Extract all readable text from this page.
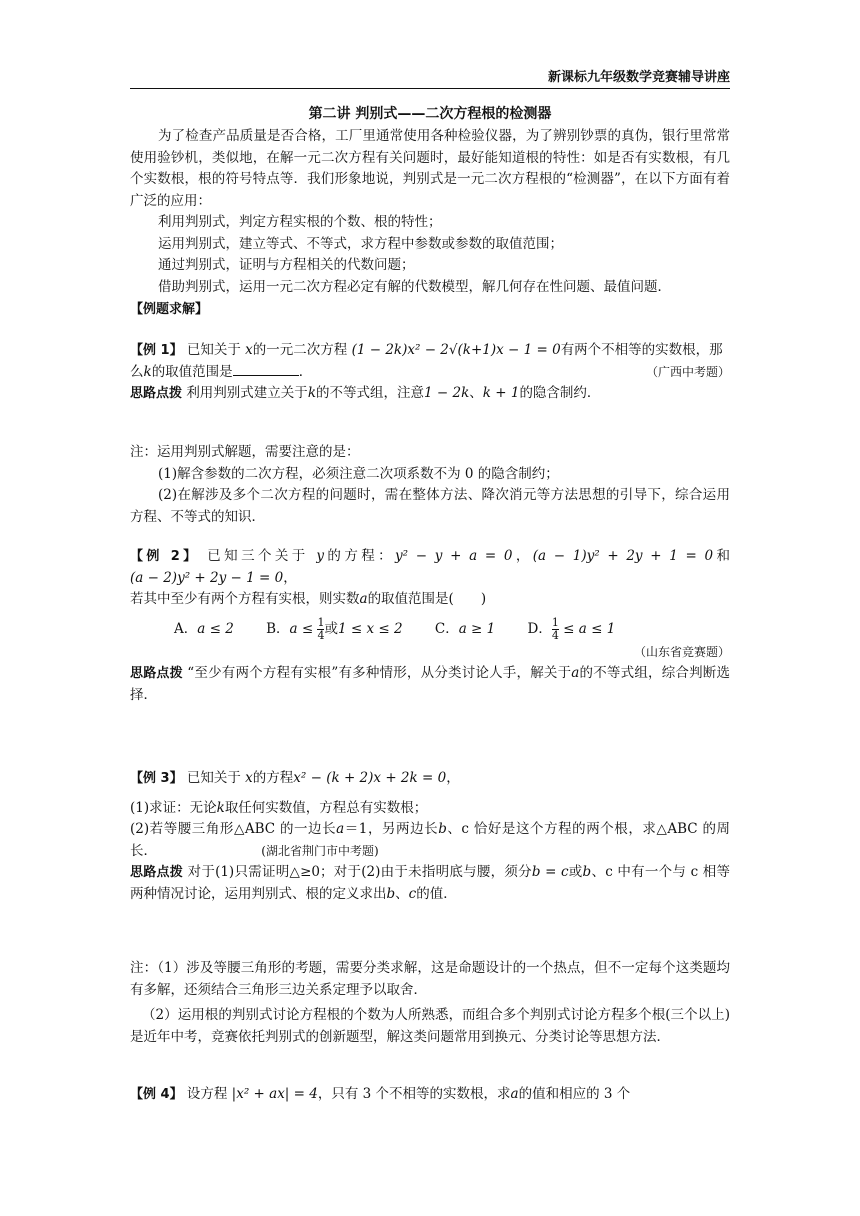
新课标九年级数学竞赛辅导讲座
第二讲 判别式——二次方程根的检测器
为了检查产品质量是否合格，工厂里通常使用各种检验仪器，为了辨别钞票的真伪，银行里常常使用验钞机，类似地，在解一元二次方程有关问题时，最好能知道根的特性：如是否有实数根，有几个实数根，根的符号特点等．我们形象地说，判别式是一元二次方程根的“检测器”，在以下方面有着广泛的应用：
利用判别式，判定方程实根的个数、根的特性；
运用判别式，建立等式、不等式，求方程中参数或参数的取值范围；
通过判别式，证明与方程相关的代数问题；
借助判别式，运用一元二次方程必定有解的代数模型，解几何存在性问题、最值问题．
【例题求解】
【例 1】 已知关于 x的一元二次方程 (1 − 2k)x² − 2√(k+1)x − 1 = 0有两个不相等的实数根，那
么k的取值范围是	．	（广西中考题）
思路点拨 利用判别式建立关于k的不等式组，注意1 − 2k、k + 1的隐含制约．
注：运用判别式解题，需要注意的是：
(1)解含参数的二次方程，必须注意二次项系数不为 0 的隐含制约；
(2)在解涉及多个二次方程的问题时，需在整体方法、降次消元等方法思想的引导下，综合运用方程、不等式的知识．
【例 2】 已知三个关于 y的方程：y² − y + a = 0，(a − 1)y² + 2y + 1 = 0和(a − 2)y² + 2y − 1 = 0，
若其中至少有两个方程有实根，则实数a的取值范围是(　　)
A．a ≤ 2 B．$a \le \frac{1}{4}$ 或1 ≤ x ≤ 2 C．a ≥ 1 D． $\frac{1}{4} \le a \le 1$
（山东省竞赛题）
思路点拨 “至少有两个方程有实根”有多种情形，从分类讨论人手，解关于a的不等式组，综合判断选择．
【例 3】 已知关于 x的方程x² − (k + 2)x + 2k = 0，
(1)求证：无论k取任何实数值，方程总有实数根；
(2)若等腰三角形△ABC 的一边长a＝1，另两边长b、c 恰好是这个方程的两个根，求△ABC 的周长．	(湖北省荆门市中考题)
思路点拨 对于(1)只需证明△≥0；对于(2)由于未指明底与腰，须分b = c或b、c 中有一个与 c 相等两种情况讨论，运用判别式、根的定义求出b、c的值．
注：（1）涉及等腰三角形的考题，需要分类求解，这是命题设计的一个热点，但不一定每个这类题均有多解，还须结合三角形三边关系定理予以取舍．
（2）运用根的判别式讨论方程根的个数为人所熟悉，而组合多个判别式讨论方程多个根(三个以上)是近年中考，竞赛依托判别式的创新题型，解这类问题常用到换元、分类讨论等思想方法．
【例 4】 设方程 |x² + ax| = 4，只有 3 个不相等的实数根，求a的值和相应的 3 个
